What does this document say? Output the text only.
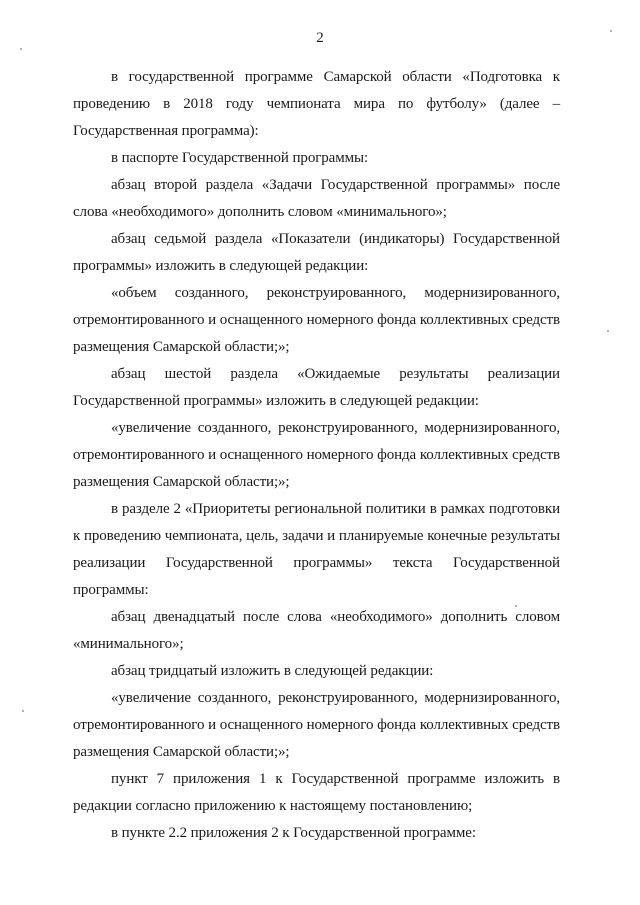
2

в государственной программе Самарской области «Подготовка к проведению в 2018 году чемпионата мира по футболу» (далее – Государственная программа):

в паспорте Государственной программы:

абзац второй раздела «Задачи Государственной программы» после слова «необходимого» дополнить словом «минимального»;

абзац седьмой раздела «Показатели (индикаторы) Государственной программы» изложить в следующей редакции:

«объем созданного, реконструированного, модернизированного, отремонтированного и оснащенного номерного фонда коллективных средств размещения Самарской области;»;

абзац шестой раздела «Ожидаемые результаты реализации Государственной программы» изложить в следующей редакции:

«увеличение созданного, реконструированного, модернизированного, отремонтированного и оснащенного номерного фонда коллективных средств размещения Самарской области;»;

в разделе 2 «Приоритеты региональной политики в рамках подготовки к проведению чемпионата, цель, задачи и планируемые конечные результаты реализации Государственной программы» текста Государственной программы:

абзац двенадцатый после слова «необходимого» дополнить словом «минимального»;

абзац тридцатый изложить в следующей редакции:

«увеличение созданного, реконструированного, модернизированного, отремонтированного и оснащенного номерного фонда коллективных средств размещения Самарской области;»;

пункт 7 приложения 1 к Государственной программе изложить в редакции согласно приложению к настоящему постановлению;

в пункте 2.2 приложения 2 к Государственной программе:
